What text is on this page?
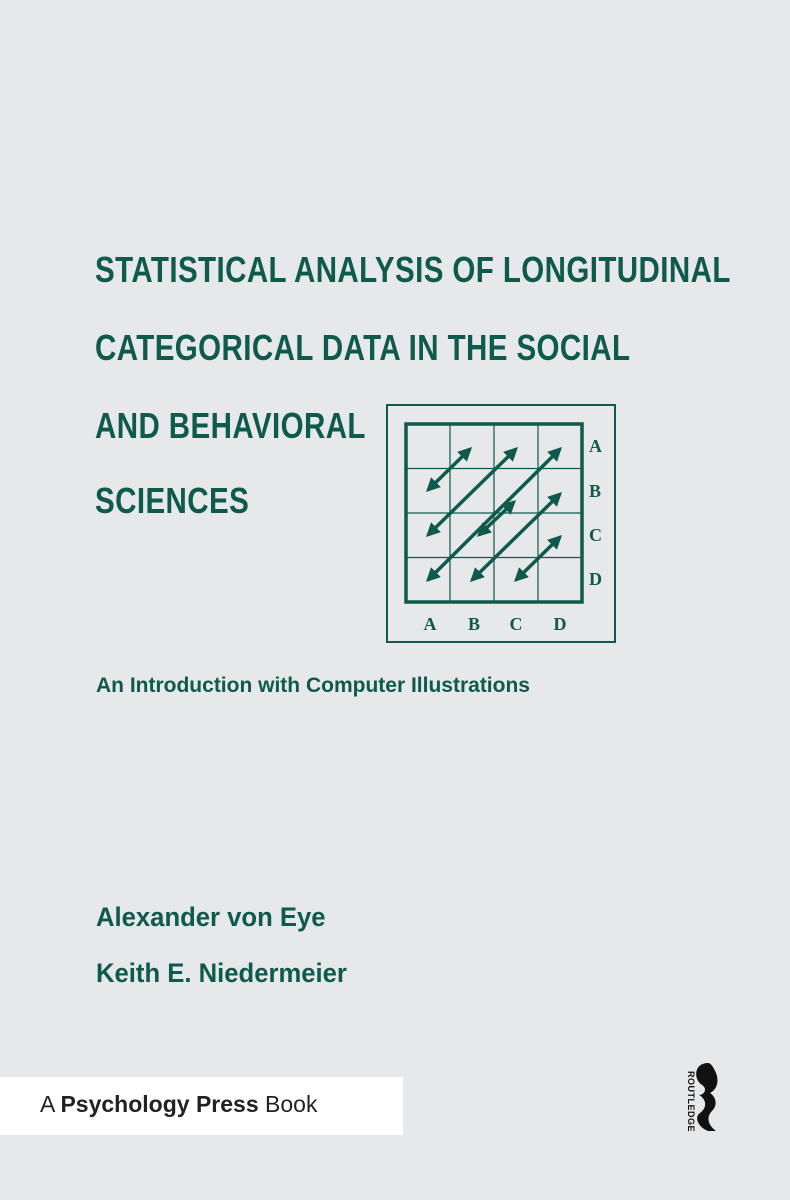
STATISTICAL ANALYSIS OF LONGITUDINAL
CATEGORICAL DATA IN THE SOCIAL
AND BEHAVIORAL
SCIENCES
A
B
C
D
A B C D
An Introduction with Computer Illustrations
Alexander von Eye
Keith E. Niedermeier
A Psychology Press Book	ROUTLEDGE
